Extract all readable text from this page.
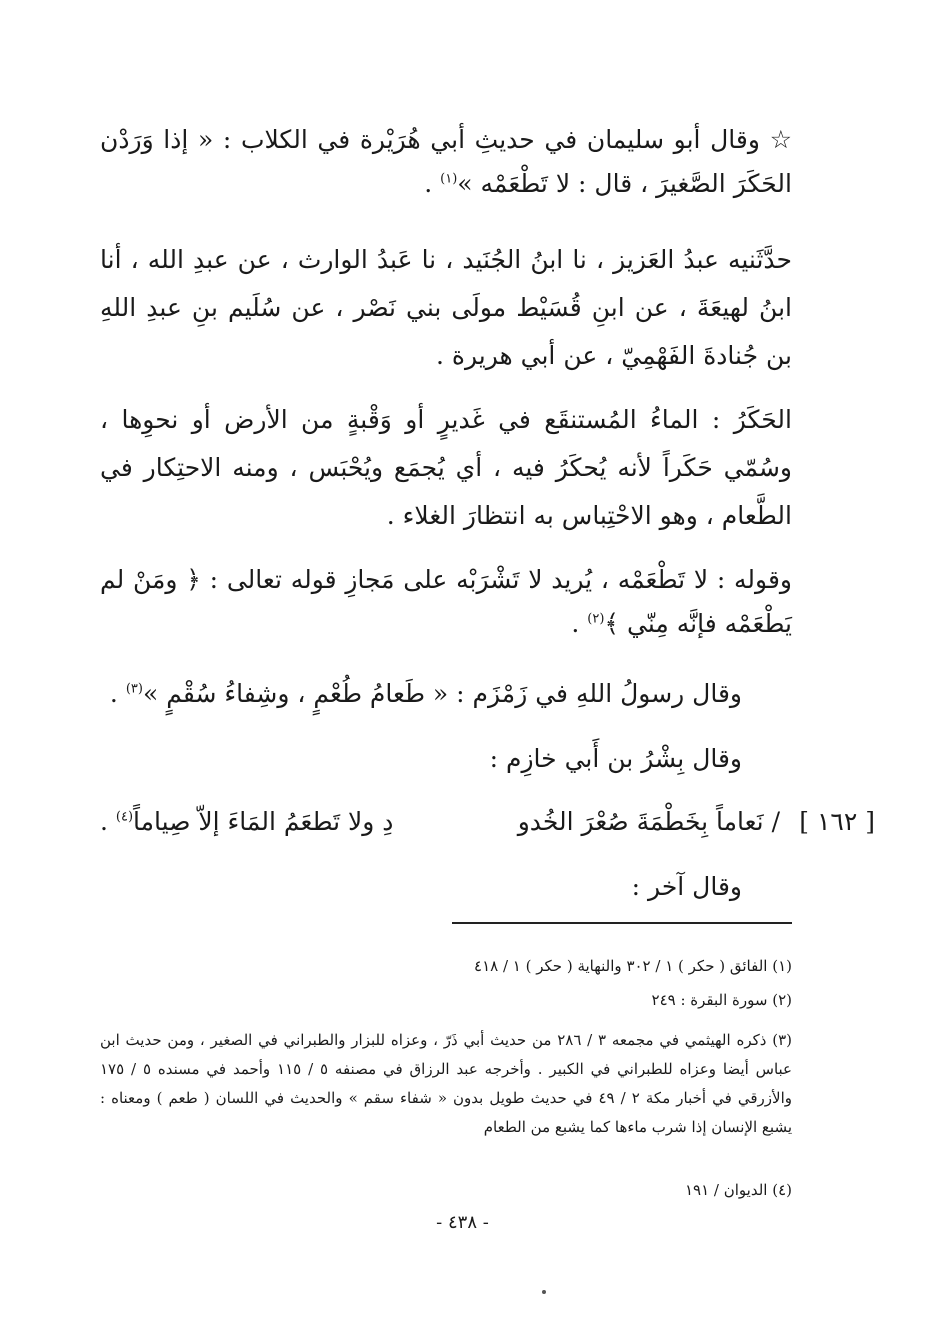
☆ وقال أبو سليمان في حديثِ أبي هُرَيْرة في الكلاب : « إذا وَرَدْن الحَكَرَ الصَّغيرَ ، قال : لا تَطْعَمْه »$^{(١)}$ .
حدَّثَنيه عبدُ العَزيز ، نا ابنُ الجُنَيد ، نا عَبدُ الوارث ، عن عبدِ الله ، أنا ابنُ لهيعَةَ ، عن ابنِ قُسَيْط مولَى بني نَصْر ، عن سُلَيم بنِ عبدِ اللهِ بن جُنادةَ الفَهْمِيّ ، عن أبي هريرة .
الحَكَرُ : الماءُ المُستنقَع في غَديرٍ أو وَقْبةٍ من الأرض أو نحوِها ، وسُمّي حَكَراً لأنه يُحكَرُ فيه ، أي يُجمَع ويُحْبَس ، ومنه الاحتِكار في الطَّعام ، وهو الاحْتِباس به انتظارَ الغلاء .
وقوله : لا تَطْعَمْه ، يُريد لا تَشْرَبْه على مَجازِ قوله تعالى : ﴿ ومَنْ لم يَطْعَمْه فإنَّه مِنّي ﴾$^{(٢)}$ .
وقال رسولُ اللهِ في زَمْزَم : « طَعامُ طُعْمٍ ، وشِفاءُ سُقْمٍ »$^{(٣)}$ .
وقال بِشْرُ بن أَبي خازِم :
[ ١٦٢ ]
/ نَعاماً بِخَطْمَةَ صُعْرَ الخُدو
دِ ولا تَطعَمُ المَاءَ إلاّ صِياماً$^{(٤)}$ .
وقال آخر :
(١) الفائق ( حكر ) ١ / ٣٠٢ والنهاية ( حكر ) ١ / ٤١٨
(٢) سورة البقرة : ٢٤٩
(٣) ذكره الهيثمي في مجمعه ٣ / ٢٨٦ من حديث أبي ذَرّ ، وعزاه للبزار والطبراني في الصغير ، ومن حديث ابن عباس أيضا وعزاه للطبراني في الكبير . وأخرجه عبد الرزاق في مصنفه ٥ / ١١٥ وأحمد في مسنده ٥ / ١٧٥ والأزرقي في أخبار مكة ٢ / ٤٩ في حديث طويل بدون « شفاء سقم » والحديث في اللسان ( طعم ) ومعناه : يشبع الإنسان إذا شرب ماءها كما يشبع من الطعام
(٤) الديوان / ١٩١
- ٤٣٨ -
